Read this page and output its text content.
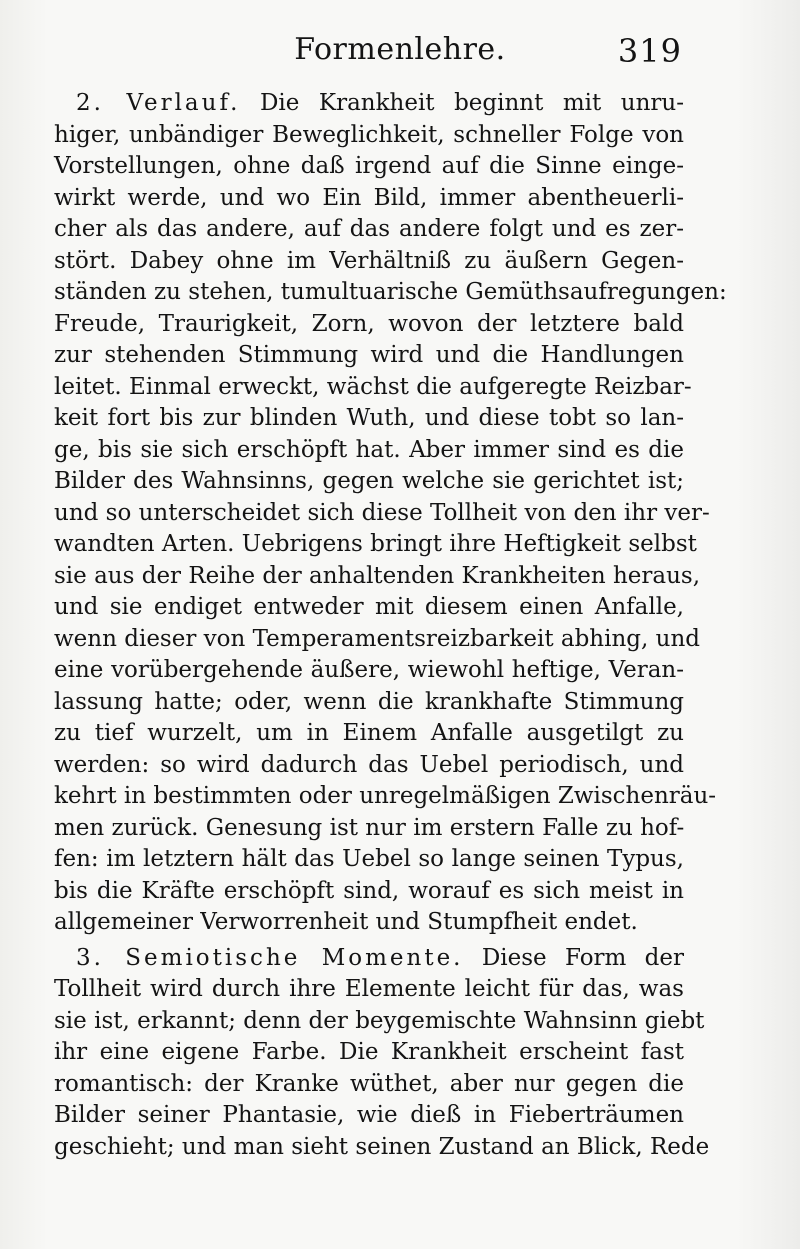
Formenlehre.	319
2. Verlauf. Die Krankheit beginnt mit unru-
higer, unbändiger Beweglichkeit, schneller Folge von
Vorstellungen, ohne daß irgend auf die Sinne einge-
wirkt werde, und wo Ein Bild, immer abentheuerli-
cher als das andere, auf das andere folgt und es zer-
stört. Dabey ohne im Verhältniß zu äußern Gegen-
ständen zu stehen, tumultuarische Gemüthsaufregungen:
Freude, Traurigkeit, Zorn, wovon der letztere bald
zur stehenden Stimmung wird und die Handlungen
leitet. Einmal erweckt, wächst die aufgeregte Reizbar-
keit fort bis zur blinden Wuth, und diese tobt so lan-
ge, bis sie sich erschöpft hat. Aber immer sind es die
Bilder des Wahnsinns, gegen welche sie gerichtet ist;
und so unterscheidet sich diese Tollheit von den ihr ver-
wandten Arten. Uebrigens bringt ihre Heftigkeit selbst
sie aus der Reihe der anhaltenden Krankheiten heraus,
und sie endiget entweder mit diesem einen Anfalle,
wenn dieser von Temperamentsreizbarkeit abhing, und
eine vorübergehende äußere, wiewohl heftige, Veran-
lassung hatte; oder, wenn die krankhafte Stimmung
zu tief wurzelt, um in Einem Anfalle ausgetilgt zu
werden: so wird dadurch das Uebel periodisch, und
kehrt in bestimmten oder unregelmäßigen Zwischenräu-
men zurück. Genesung ist nur im erstern Falle zu hof-
fen: im letztern hält das Uebel so lange seinen Typus,
bis die Kräfte erschöpft sind, worauf es sich meist in
allgemeiner Verworrenheit und Stumpfheit endet.
3. Semiotische Momente. Diese Form der
Tollheit wird durch ihre Elemente leicht für das, was
sie ist, erkannt; denn der beygemischte Wahnsinn giebt
ihr eine eigene Farbe. Die Krankheit erscheint fast
romantisch: der Kranke wüthet, aber nur gegen die
Bilder seiner Phantasie, wie dieß in Fieberträumen
geschieht; und man sieht seinen Zustand an Blick, Rede
